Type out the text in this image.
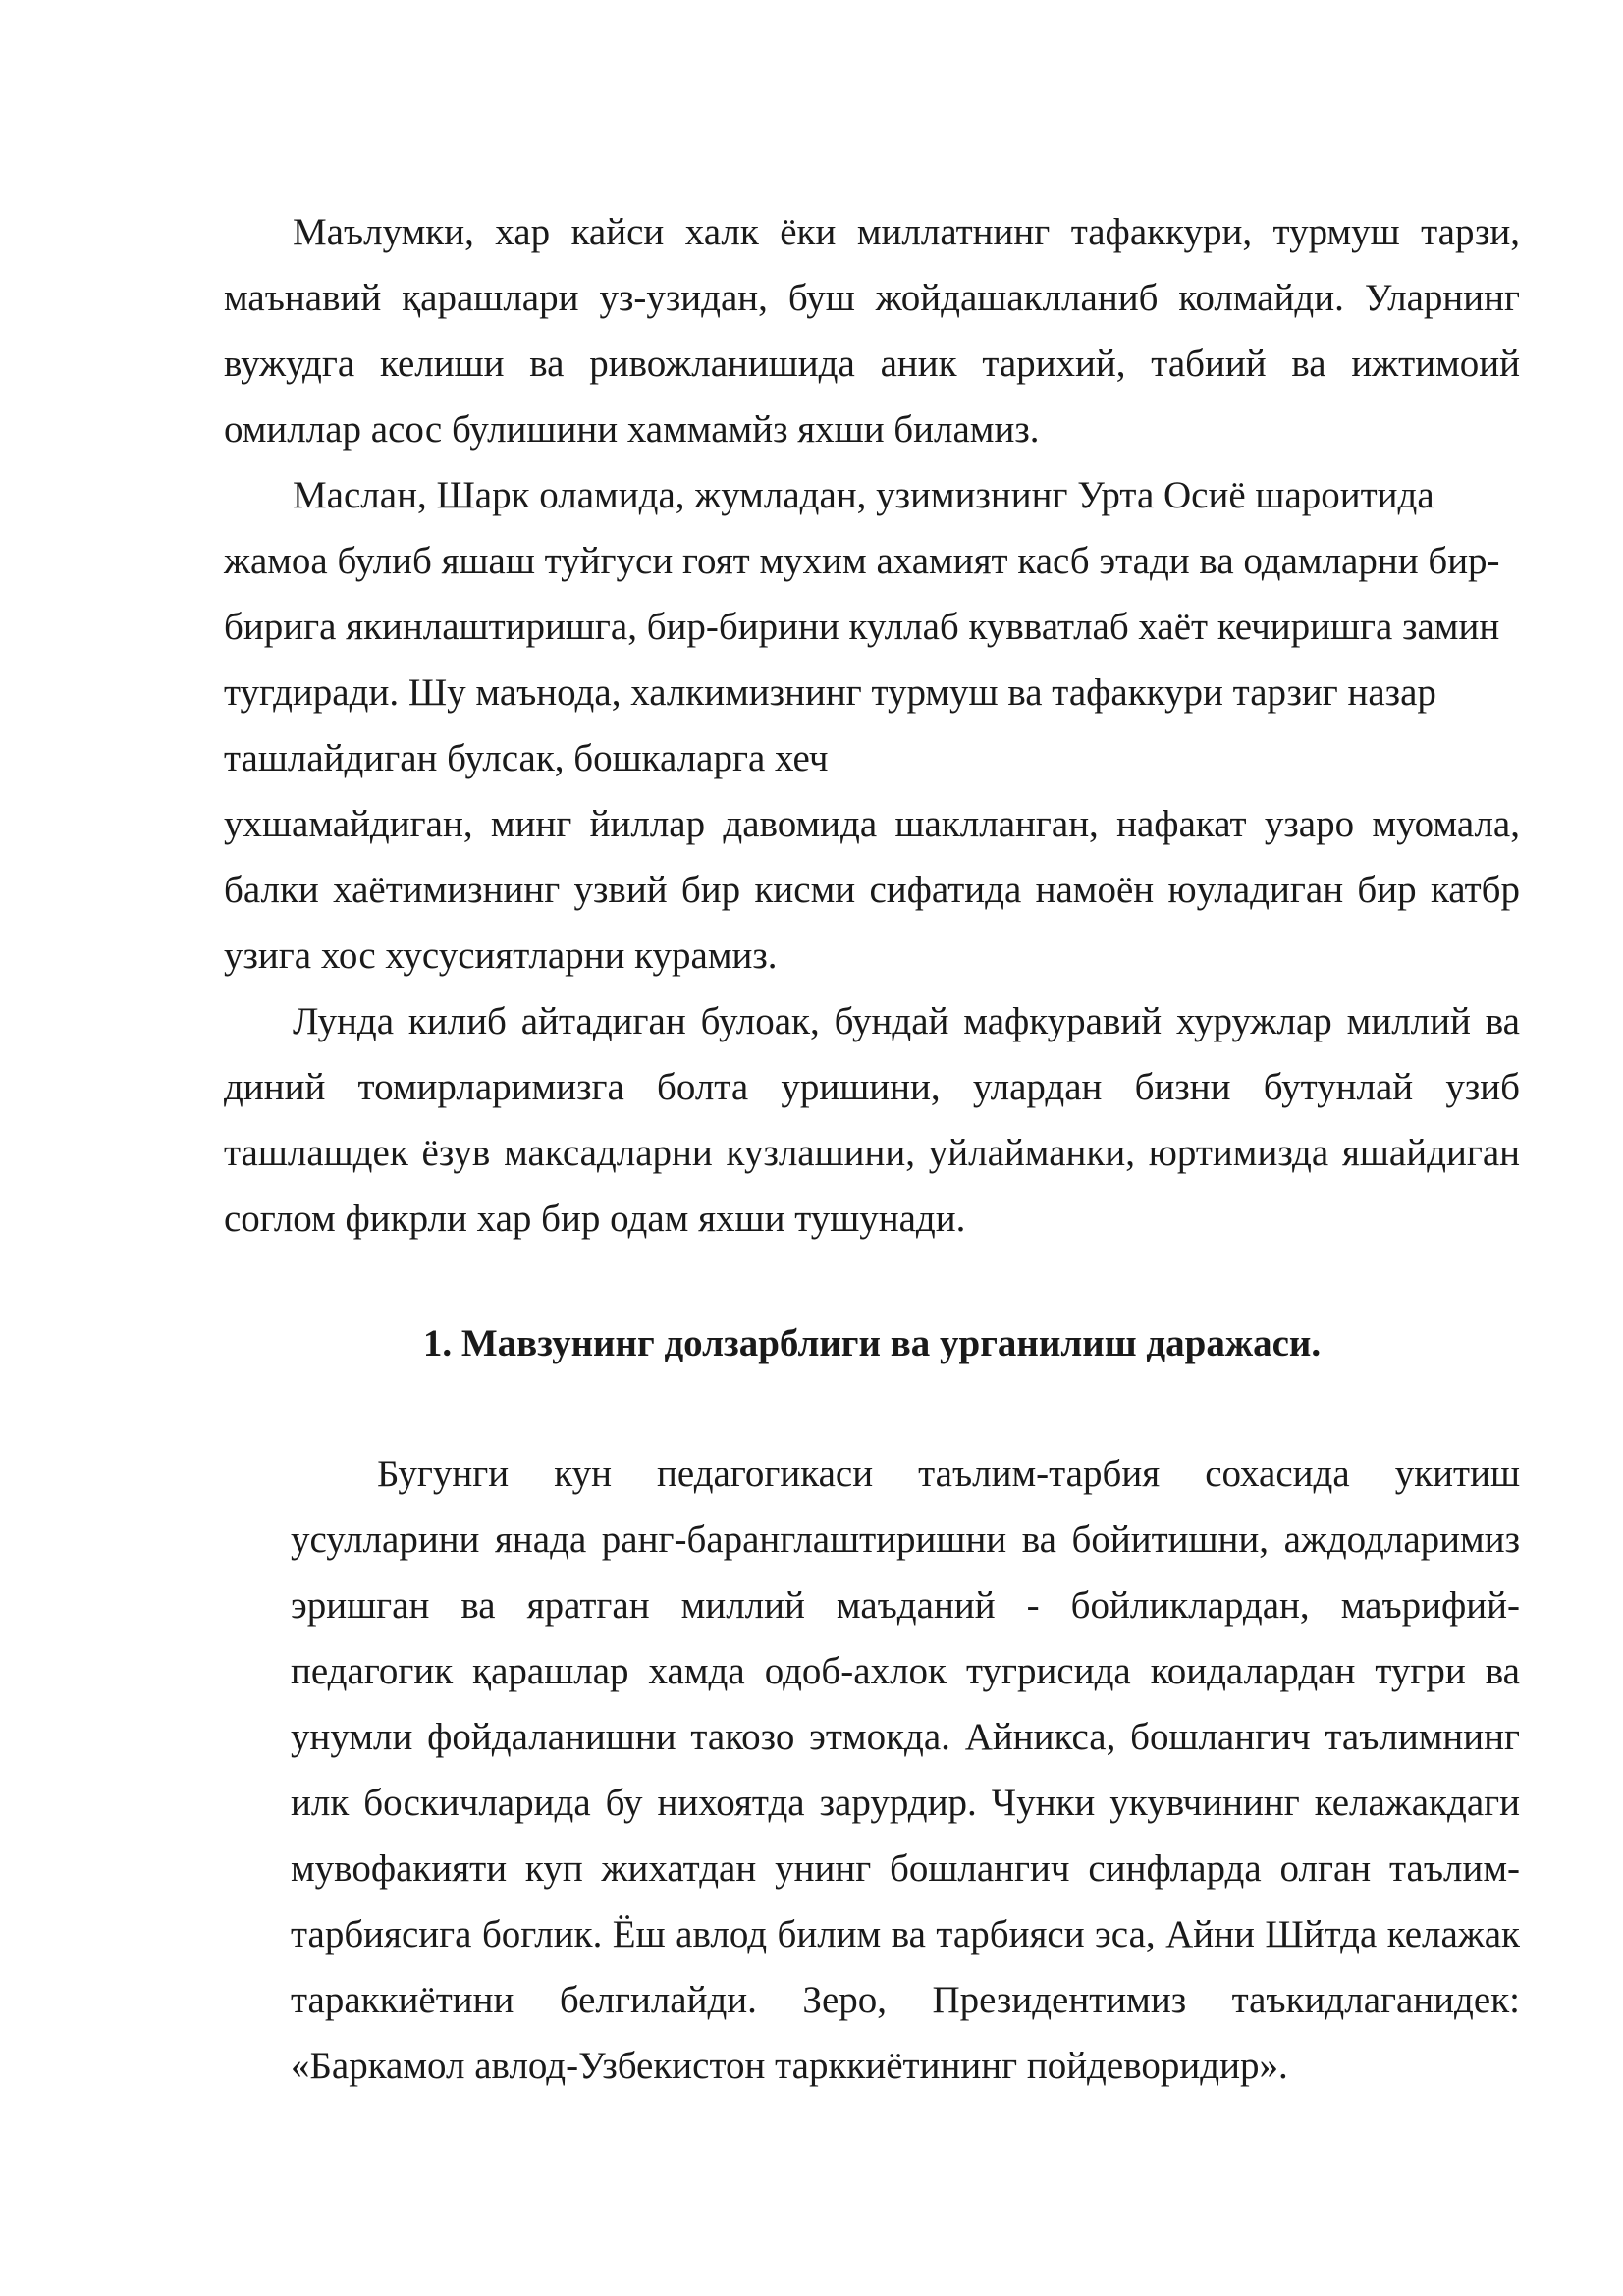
Маълумки, хар кайси халк ёки миллатнинг тафаккури, турмуш тарзи, маънавий қарашлари уз-узидан, буш жойдашаклланиб колмайди. Уларнинг вужудга келиши ва ривожланишида аник тарихий, табиий ва ижтимоий омиллар асос булишини хаммамйз яхши биламиз.

Маслан, Шарк оламида, жумладан, узимизнинг Урта Осиё шароитида жамоа булиб яшаш туйгуси гоят мухим ахамият касб этади ва одамларни бир-бирига якинлаштиришга, бир-бирини куллаб кувватлаб хаёт кечиришга замин тугдиради. Шу маънода, халкимизнинг турмуш ва тафаккури тарзиг назар ташлайдиган булсак, бошкаларга хеч

ухшамайдиган, минг йиллар давомида шаклланган, нафакат узаро муомала, балки хаётимизнинг узвий бир кисми сифатида намоён юуладиган бир катбр узига хос хусусиятларни курамиз.

Лунда килиб айтадиган булоак, бундай мафкуравий хуружлар миллий ва диний томирларимизга болта уришини, улардан бизни бутунлай узиб ташлашдек ёзув максадларни кузлашини, уйлайманки, юртимизда яшайдиган соглом фикрли хар бир одам яхши тушунади.

1. Мавзунинг долзарблиги ва урганилиш даражаси.

Бугунги кун педагогикаси таълим-тарбия сохасида укитиш усулларини янада ранг-баранглаштиришни ва бойитишни, аждодларимиз эришган ва яратган миллий маъданий - бойликлардан, маърифий-педагогик қарашлар хамда одоб-ахлок тугрисида коидалардан тугри ва унумли фойдаланишни такозо этмокда. Айникса, бошлангич таълимнинг илк боскичларида бу нихоятда зарурдир. Чунки укувчининг келажакдаги мувофакияти куп жихатдан унинг бошлангич синфларда олган таълим-тарбиясига боглик. Ёш авлод билим ва тарбияси эса, Айни Шйтда келажак тараккиётини белгилайди. Зеро, Президентимиз таъкидлаганидек: «Баркамол авлод-Узбекистон тарккиётининг пойдеворидир».
